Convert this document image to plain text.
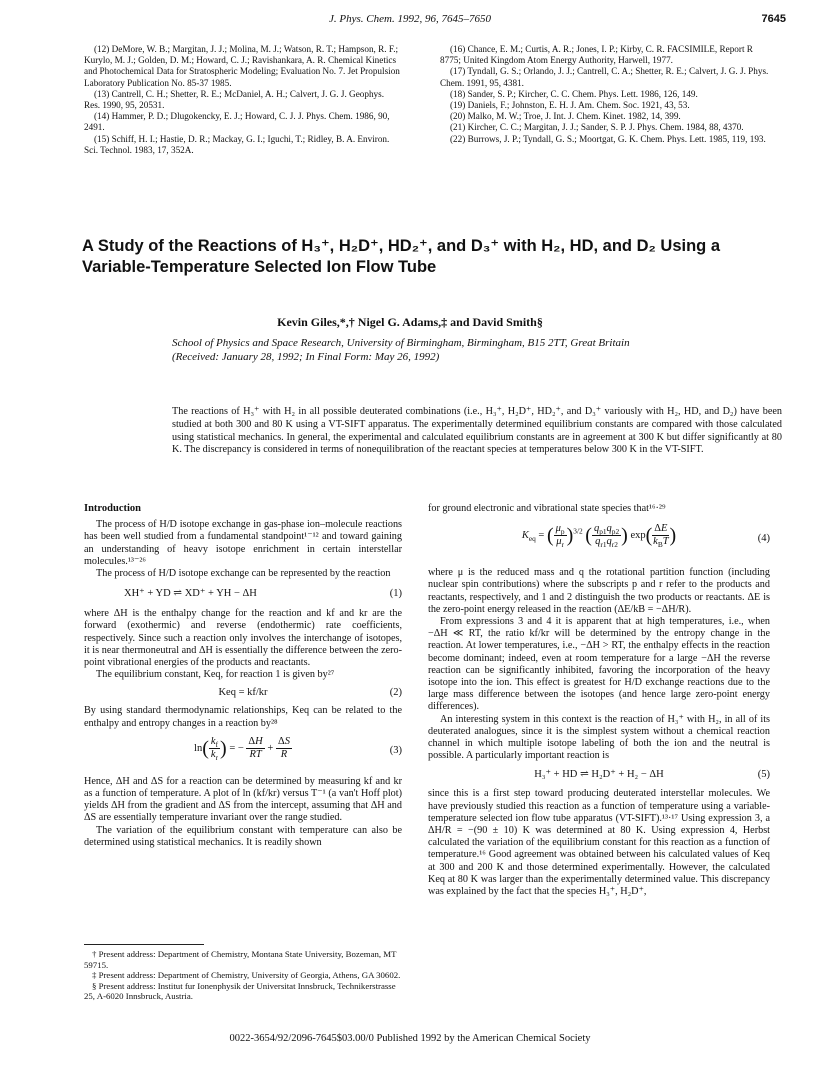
J. Phys. Chem. 1992, 96, 7645–7650	7645

(12) DeMore, W. B.; Margitan, J. J.; Molina, M. J.; Watson, R. T.; Hampson, R. F.; Kurylo, M. J.; Golden, D. M.; Howard, C. J.; Ravishankara, A. R. Chemical Kinetics and Photochemical Data for Stratospheric Modeling; Evaluation No. 7. Jet Propulsion Laboratory Publication No. 85-37 1985.

(13) Cantrell, C. H.; Shetter, R. E.; McDaniel, A. H.; Calvert, J. G. J. Geophys. Res. 1990, 95, 20531.

(14) Hammer, P. D.; Dlugokencky, E. J.; Howard, C. J. J. Phys. Chem. 1986, 90, 2491.

(15) Schiff, H. I.; Hastie, D. R.; Mackay, G. I.; Iguchi, T.; Ridley, B. A. Environ. Sci. Technol. 1983, 17, 352A.

(16) Chance, E. M.; Curtis, A. R.; Jones, I. P.; Kirby, C. R. FACSIMILE, Report R 8775; United Kingdom Atom Energy Authority, Harwell, 1977.

(17) Tyndall, G. S.; Orlando, J. J.; Cantrell, C. A.; Shetter, R. E.; Calvert, J. G. J. Phys. Chem. 1991, 95, 4381.

(18) Sander, S. P.; Kircher, C. C. Chem. Phys. Lett. 1986, 126, 149.

(19) Daniels, F.; Johnston, E. H. J. Am. Chem. Soc. 1921, 43, 53.

(20) Malko, M. W.; Troe, J. Int. J. Chem. Kinet. 1982, 14, 399.

(21) Kircher, C. C.; Margitan, J. J.; Sander, S. P. J. Phys. Chem. 1984, 88, 4370.

(22) Burrows, J. P.; Tyndall, G. S.; Moortgat, G. K. Chem. Phys. Lett. 1985, 119, 193.

A Study of the Reactions of H₃⁺, H₂D⁺, HD₂⁺, and D₃⁺ with H₂, HD, and D₂ Using a Variable-Temperature Selected Ion Flow Tube
Kevin Giles,*,† Nigel G. Adams,‡ and David Smith§
School of Physics and Space Research, University of Birmingham, Birmingham, B15 2TT, Great Britain
(Received: January 28, 1992; In Final Form: May 26, 1992)
The reactions of H₃⁺ with H₂ in all possible deuterated combinations (i.e., H₃⁺, H₂D⁺, HD₂⁺, and D₃⁺ variously with H₂, HD, and D₂) have been studied at both 300 and 80 K using a VT-SIFT apparatus. The experimentally determined equilibrium constants are compared with those calculated using statistical mechanics. In general, the experimental and calculated equilibrium constants are in agreement at 300 K but differ significantly at 80 K. The discrepancy is considered in terms of nonequilibration of the reactant species at temperatures below 300 K in the VT-SIFT.
Introduction

The process of H/D isotope exchange in gas-phase ion–molecule reactions has been well studied from a fundamental standpoint¹⁻¹² and toward gaining an understanding of heavy isotope enrichment in certain interstellar molecules.¹³⁻²⁶

The process of H/D isotope exchange can be represented by the reaction

XH⁺ + YD ⇌ XD⁺ + YH − ΔH	(1)

where ΔH is the enthalpy change for the reaction and kf and kr are the forward (exothermic) and reverse (endothermic) rate coefficients, respectively. Since such a reaction only involves the interchange of isotopes, it is near thermoneutral and ΔH is essentially the difference between the zero-point vibrational energies of the products and reactants.

The equilibrium constant, Keq, for reaction 1 is given by²⁷

Keq = kf/kr	(2)

By using standard thermodynamic relationships, Keq can be related to the enthalpy and entropy changes in a reaction by²⁸

$\ln( \frac{k_f}{k_r}$ ) = − $\frac{\Delta H}{RT} + \frac{\Delta S}{R}$	(3)

Hence, ΔH and ΔS for a reaction can be determined by measuring kf and kr as a function of temperature. A plot of ln (kf/kr) versus T⁻¹ (a van't Hoff plot) yields ΔH from the gradient and ΔS from the intercept, assuming that ΔH and ΔS are essentially temperature invariant over the range studied.

The variation of the equilibrium constant with temperature can also be determined using statistical mechanics. It is readily shown

† Present address: Department of Chemistry, Montana State University, Bozeman, MT 59715.

‡ Present address: Department of Chemistry, University of Georgia, Athens, GA 30602.

§ Present address: Institut fur Ionenphysik der Universitat Innsbruck, Technikerstrasse 25, A-6020 Innsbruck, Austria.

for ground electronic and vibrational state species that¹⁶·²⁹

$K_{eq}$ = ( $\frac{\mu_p}{\mu_r} )^{3/2}$ ( $\frac{q_{p1}q_{p2}}{q_{r1}q_{r2}}$ ) $\exp( \frac{\Delta E}{k_BT}$ )	(4)

where μ is the reduced mass and q the rotational partition function (including nuclear spin contributions) where the subscripts p and r refer to the products and reactants, respectively, and 1 and 2 distinguish the two products or reactants. ΔE is the zero-point energy released in the reaction (ΔE/kB = −ΔH/R).

From expressions 3 and 4 it is apparent that at high temperatures, i.e., when −ΔH ≪ RT, the ratio kf/kr will be determined by the entropy change in the reaction. At lower temperatures, i.e., −ΔH > RT, the enthalpy effects in the reaction become dominant; indeed, even at room temperature for a large −ΔH the reverse reaction can be significantly inhibited, favoring the incorporation of the heavy isotope into the ion. This effect is greatest for H/D exchange reactions due to the large mass difference between the isotopes (and hence large zero-point energy differences).

An interesting system in this context is the reaction of H₃⁺ with H₂, in all of its deuterated analogues, since it is the simplest system without a chemical reaction channel in which multiple isotope labeling of both the ion and the neutral is possible. A particularly important reaction is

H₃⁺ + HD ⇌ H₂D⁺ + H₂ − ΔH	(5)

since this is a first step toward producing deuterated interstellar molecules. We have previously studied this reaction as a function of temperature using a variable-temperature selected ion flow tube apparatus (VT-SIFT).¹³·¹⁷ Using expression 3, a ΔH/R = −(90 ± 10) K was determined at 80 K. Using expression 4, Herbst calculated the variation of the equilibrium constant for this reaction as a function of temperature.¹⁶ Good agreement was obtained between his calculated values of Keq at 300 and 200 K and those determined experimentally. However, the calculated Keq at 80 K was larger than the experimentally determined value. This discrepancy was explained by the fact that the species H₃⁺, H₂D⁺,

0022-3654/92/2096-7645$03.00/0 Published 1992 by the American Chemical Society
